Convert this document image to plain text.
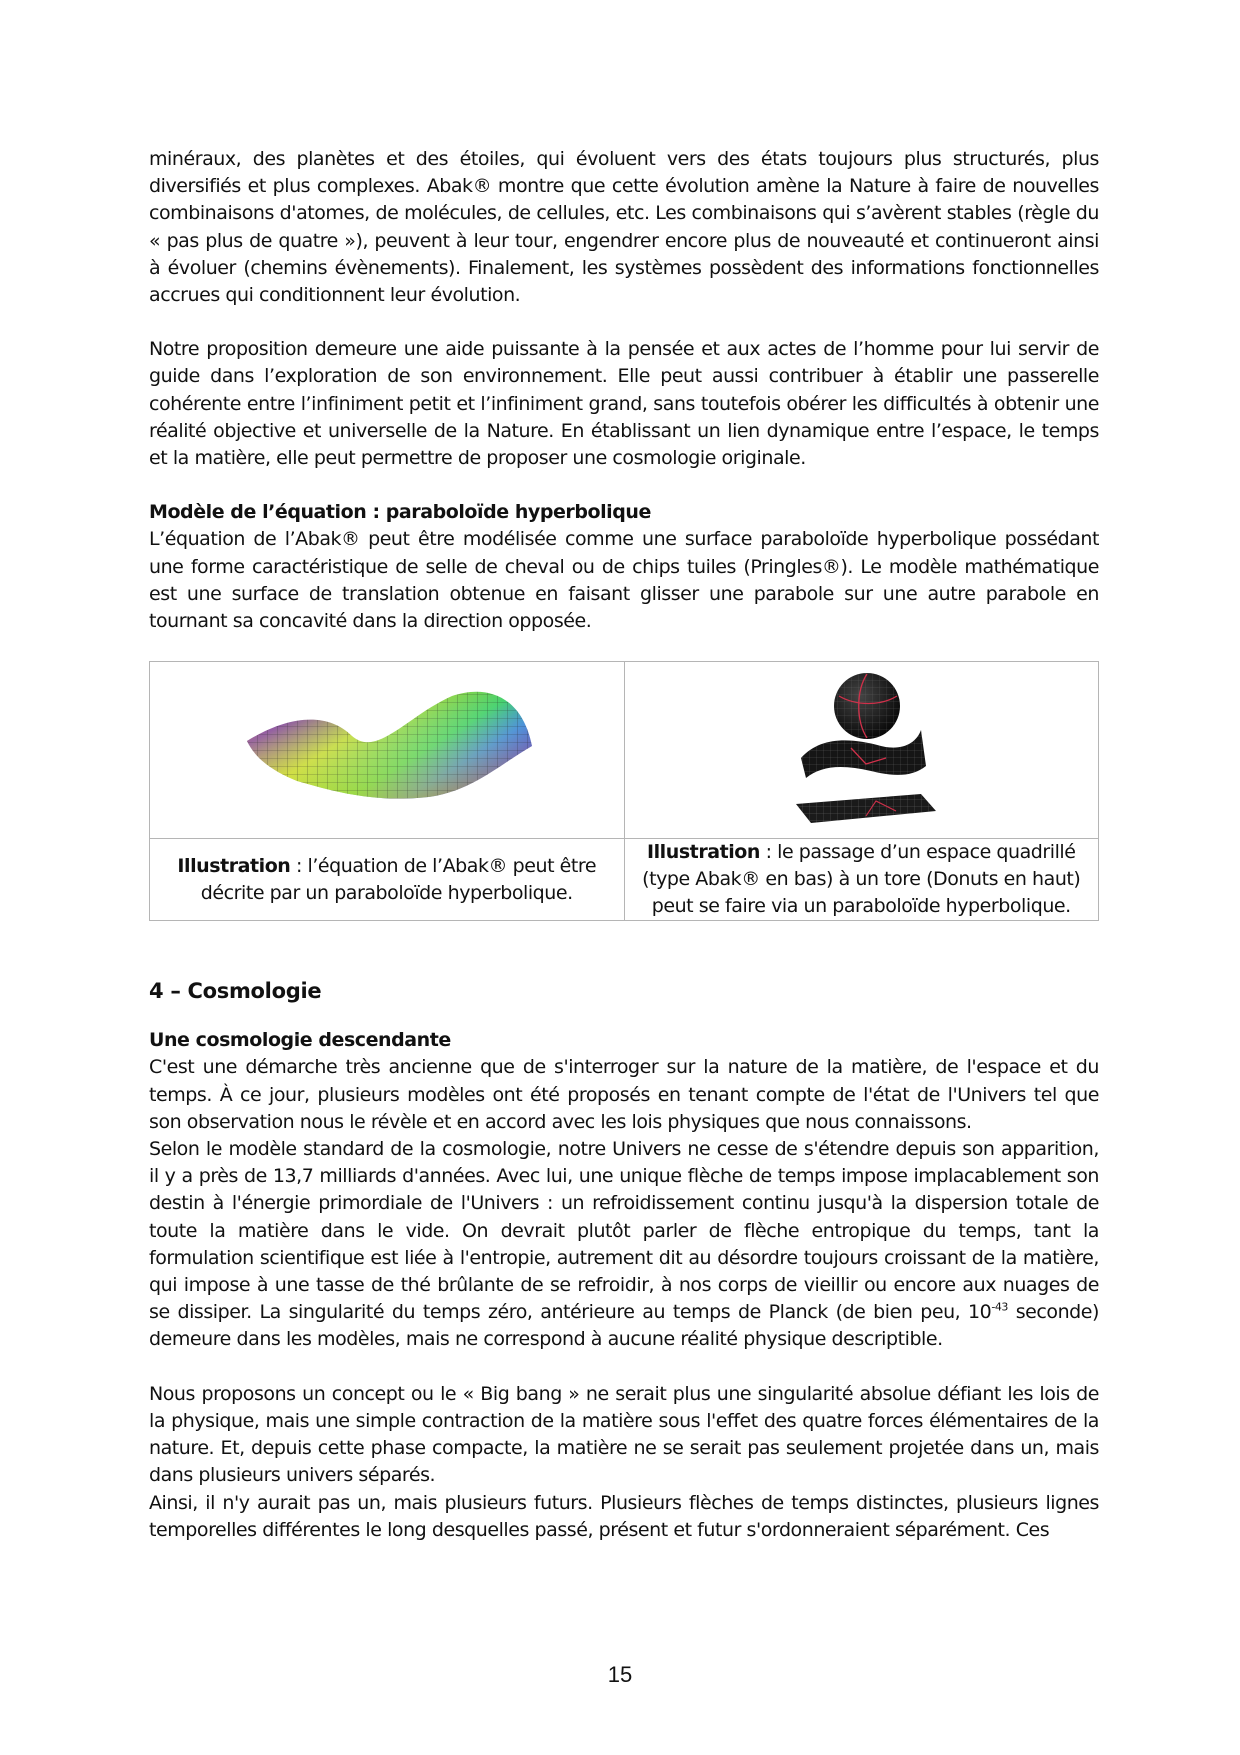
minéraux, des planètes et des étoiles, qui évoluent vers des états toujours plus structurés, plus diversifiés et plus complexes. Abak® montre que cette évolution amène la Nature à faire de nouvelles combinaisons d'atomes, de molécules, de cellules, etc. Les combinaisons qui s’avèrent stables (règle du « pas plus de quatre »), peuvent à leur tour, engendrer encore plus de nouveauté et continueront ainsi à évoluer (chemins évènements). Finalement, les systèmes possèdent des informations fonctionnelles accrues qui conditionnent leur évolution.

Notre proposition demeure une aide puissante à la pensée et aux actes de l’homme pour lui servir de guide dans l’exploration de son environnement. Elle peut aussi contribuer à établir une passerelle cohérente entre l’infiniment petit et l’infiniment grand, sans toutefois obérer les difficultés à obtenir une réalité objective et universelle de la Nature. En établissant un lien dynamique entre l’espace, le temps et la matière, elle peut permettre de proposer une cosmologie originale.

Modèle de l’équation : paraboloïde hyperbolique

L’équation de l’Abak® peut être modélisée comme une surface paraboloïde hyperbolique possédant une forme caractéristique de selle de cheval ou de chips tuiles (Pringles®). Le modèle mathématique est une surface de translation obtenue en faisant glisser une parabole sur une autre parabole en tournant sa concavité dans la direction opposée.

Illustration : l’équation de l’Abak® peut être décrite par un paraboloïde hyperbolique.	Illustration : le passage d’un espace quadrillé (type Abak® en bas) à un tore (Donuts en haut) peut se faire via un paraboloïde hyperbolique.
4 – Cosmologie

Une cosmologie descendante

C'est une démarche très ancienne que de s'interroger sur la nature de la matière, de l'espace et du temps. À ce jour, plusieurs modèles ont été proposés en tenant compte de l'état de l'Univers tel que son observation nous le révèle et en accord avec les lois physiques que nous connaissons.

Selon le modèle standard de la cosmologie, notre Univers ne cesse de s'étendre depuis son apparition, il y a près de 13,7 milliards d'années. Avec lui, une unique flèche de temps impose implacablement son destin à l'énergie primordiale de l'Univers : un refroidissement continu jusqu'à la dispersion totale de toute la matière dans le vide. On devrait plutôt parler de flèche entropique du temps, tant la formulation scientifique est liée à l'entropie, autrement dit au désordre toujours croissant de la matière, qui impose à une tasse de thé brûlante de se refroidir, à nos corps de vieillir ou encore aux nuages de se dissiper. La singularité du temps zéro, antérieure au temps de Planck (de bien peu, $10^{-43}$ seconde) demeure dans les modèles, mais ne correspond à aucune réalité physique descriptible.

Nous proposons un concept ou le « Big bang » ne serait plus une singularité absolue défiant les lois de la physique, mais une simple contraction de la matière sous l'effet des quatre forces élémentaires de la nature. Et, depuis cette phase compacte, la matière ne se serait pas seulement projetée dans un, mais dans plusieurs univers séparés.

Ainsi, il n'y aurait pas un, mais plusieurs futurs. Plusieurs flèches de temps distinctes, plusieurs lignes temporelles différentes le long desquelles passé, présent et futur s'ordonneraient séparément. Ces

15
